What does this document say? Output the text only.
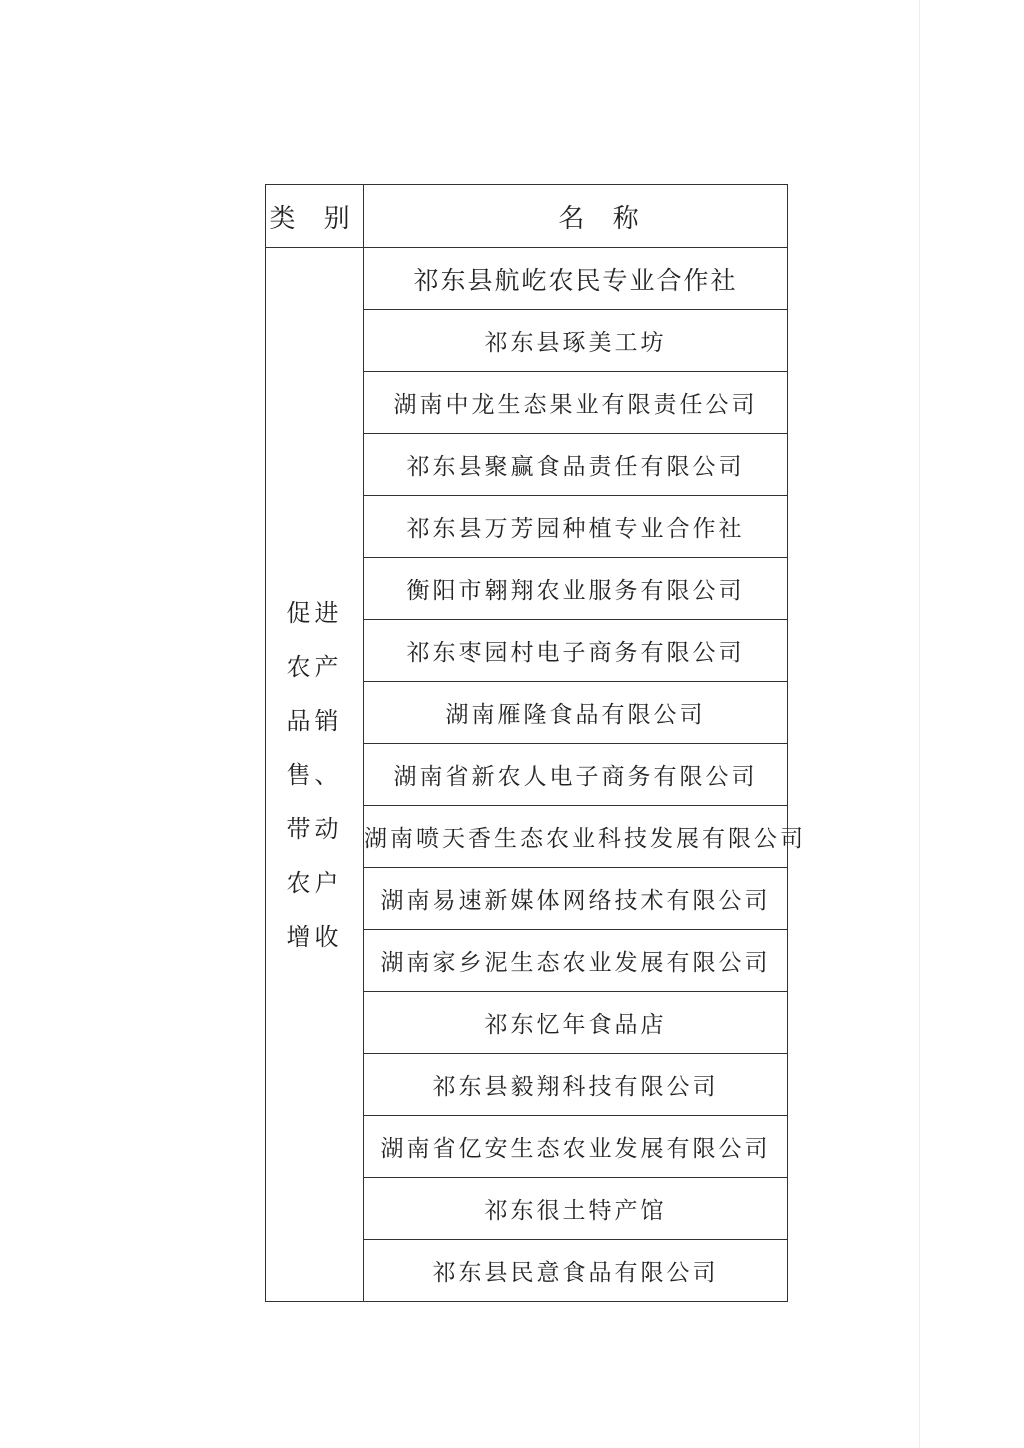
类 别	名 称
促进农产品销售、带动农户增收	祁东县航屹农民专业合作社
	祁东县琢美工坊
	湖南中龙生态果业有限责任公司
	祁东县聚赢食品责任有限公司
	祁东县万芳园种植专业合作社
	衡阳市翱翔农业服务有限公司
	祁东枣园村电子商务有限公司
	湖南雁隆食品有限公司
	湖南省新农人电子商务有限公司
	湖南喷天香生态农业科技发展有限公司
	湖南易速新媒体网络技术有限公司
	湖南家乡泥生态农业发展有限公司
	祁东忆年食品店
	祁东县毅翔科技有限公司
	湖南省亿安生态农业发展有限公司
	祁东很土特产馆
	祁东县民意食品有限公司
